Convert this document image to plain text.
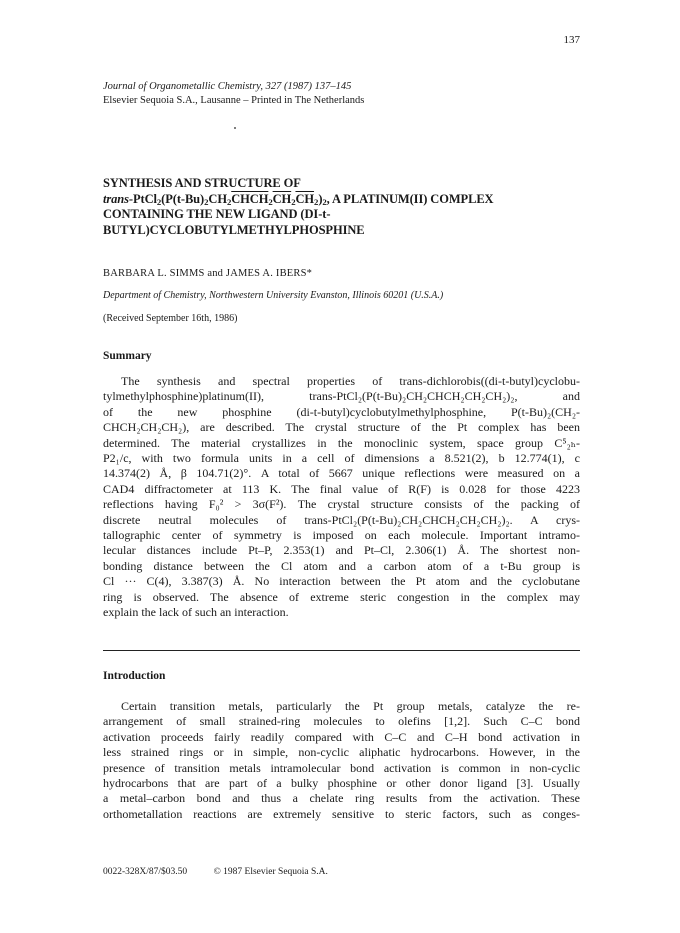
137
Journal of Organometallic Chemistry, 327 (1987) 137–145
Elsevier Sequoia S.A., Lausanne – Printed in The Netherlands
SYNTHESIS AND STRUCTURE OF
trans-$PtCl_2(P(t-Bu)_2CH_2CHCH_2\overline{CH}_2\overline{CH}_2)_2$, A PLATINUM(II) COMPLEX
CONTAINING THE NEW LIGAND (DI-t-
BUTYL)CYCLOBUTYLMETHYLPHOSPHINE
BARBARA L. SIMMS and JAMES A. IBERS*
Department of Chemistry, Northwestern University Evanston, Illinois 60201 (U.S.A.)
(Received September 16th, 1986)
Summary
The synthesis and spectral properties of trans-dichlorobis((di-t-butyl)cyclobu-
tylmethylphosphine)platinum(II), trans-PtCl₂(P(t-Bu)₂CH₂CHCH₂CH₂CH₂)₂, and
of the new phosphine (di-t-butyl)cyclobutylmethylphosphine, P(t-Bu)₂(CH₂-
CHCH₂CH₂CH₂), are described. The crystal structure of the Pt complex has been
determined. The material crystallizes in the monoclinic system, space group C⁵₂ₕ-
P2₁/c, with two formula units in a cell of dimensions a 8.521(2), b 12.774(1), c
14.374(2) Å, β 104.71(2)°. A total of 5667 unique reflections were measured on a
CAD4 diffractometer at 113 K. The final value of R(F) is 0.028 for those 4223
reflections having F₀² > 3σ(F²). The crystal structure consists of the packing of
discrete neutral molecules of trans-PtCl₂(P(t-Bu)₂CH₂CHCH₂CH₂CH₂)₂. A crys-
tallographic center of symmetry is imposed on each molecule. Important intramo-
lecular distances include Pt–P, 2.353(1) and Pt–Cl, 2.306(1) Å. The shortest non-
bonding distance between the Cl atom and a carbon atom of a t-Bu group is
Cl ··· C(4), 3.387(3) Å. No interaction between the Pt atom and the cyclobutane
ring is observed. The absence of extreme steric congestion in the complex may
explain the lack of such an interaction.
Introduction
Certain transition metals, particularly the Pt group metals, catalyze the re-
arrangement of small strained-ring molecules to olefins [1,2]. Such C–C bond
activation proceeds fairly readily compared with C–C and C–H bond activation in
less strained rings or in simple, non-cyclic aliphatic hydrocarbons. However, in the
presence of transition metals intramolecular bond activation is common in non-cyclic
hydrocarbons that are part of a bulky phosphine or other donor ligand [3]. Usually
a metal–carbon bond and thus a chelate ring results from the activation. These
orthometallation reactions are extremely sensitive to steric factors, such as conges-
0022-328X/87/$03.50	© 1987 Elsevier Sequoia S.A.
